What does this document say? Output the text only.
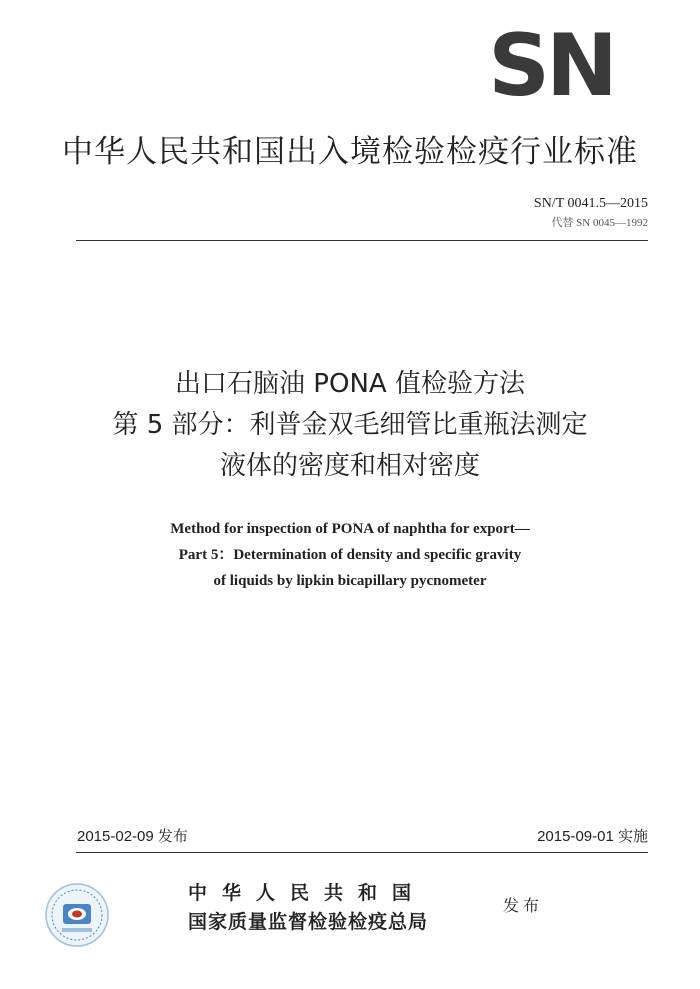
SN
中华人民共和国出入境检验检疫行业标准
SN/T 0041.5—2015
代替 SN 0045—1992
出口石脑油 PONA 值检验方法
第 5 部分：利普金双毛细管比重瓶法测定
液体的密度和相对密度
Method for inspection of PONA of naphtha for export—
Part 5：Determination of density and specific gravity
of liquids by lipkin bicapillary pycnometer
2015-02-09 发布	2015-09-01 实施
中华人民共和国
国家质量监督检验检疫总局
发布
